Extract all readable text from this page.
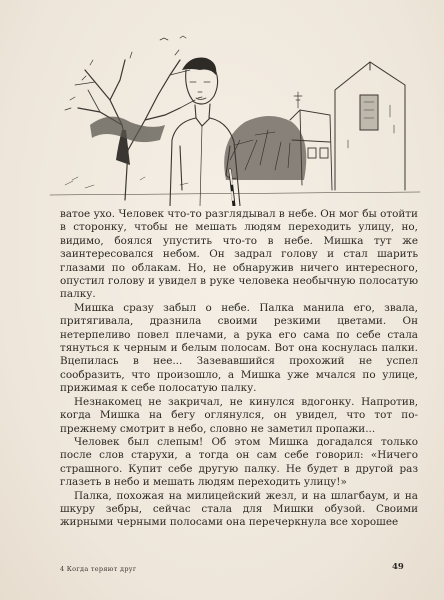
ватое ухо. Человек что-то разглядывал в небе. Он мог бы отойти в сторонку, чтобы не мешать людям переходить улицу, но, видимо, боялся упустить что-то в небе. Мишка тут же заинтересовался небом. Он задрал голову и стал шарить глазами по облакам. Но, не обнаружив ничего интересного, опустил голову и увидел в руке человека необычную полосатую палку.

Мишка сразу забыл о небе. Палка манила его, звала, притягивала, дразнила своими резкими цветами. Он нетерпеливо повел плечами, а рука его сама по себе стала тянуться к черным и белым полосам. Вот она коснулась палки. Вцепилась в нее... Зазевавшийся прохожий не успел сообразить, что произошло, а Мишка уже мчался по улице, прижимая к себе полосатую палку.

Незнакомец не закричал, не кинулся вдогонку. Напротив, когда Мишка на бегу оглянулся, он увидел, что тот по-прежнему смотрит в небо, словно не заметил пропажи...

Человек был слепым! Об этом Мишка догадался только после слов старухи, а тогда он сам себе говорил: «Ничего страшного. Купит себе другую палку. Не будет в другой раз глазеть в небо и мешать людям переходить улицу!»

Палка, похожая на милицейский жезл, и на шлагбаум, и на шкуру зебры, сейчас стала для Мишки обузой. Своими жирными черными полосами она перечеркнула все хорошее

4 Когда теряют друг	49
